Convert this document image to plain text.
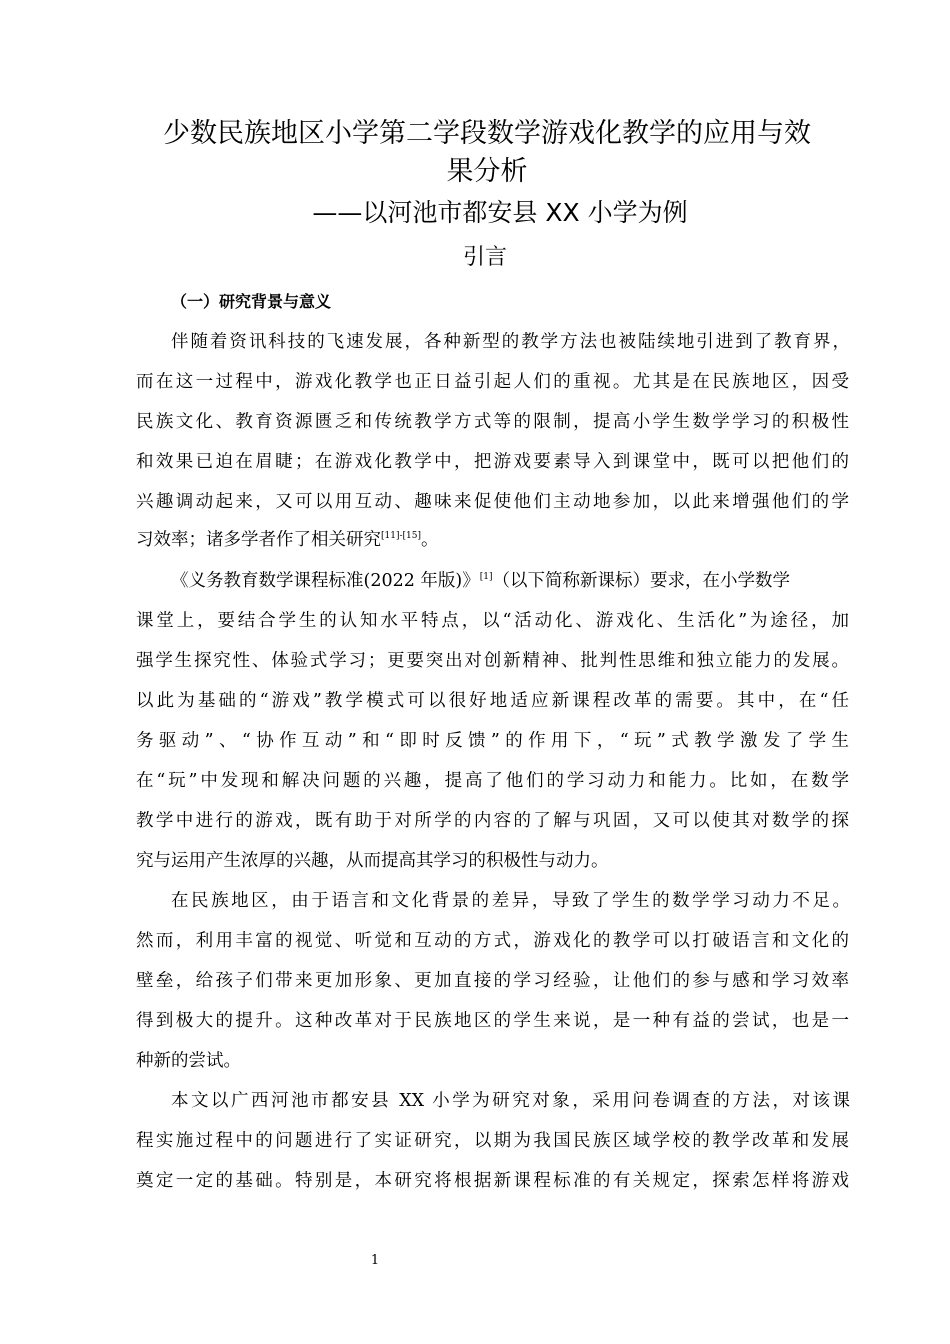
少数民族地区小学第二学段数学游戏化教学的应用与效
果分析
——以河池市都安县 XX 小学为例
引言
（一）研究背景与意义
伴随着资讯科技的飞速发展，各种新型的教学方法也被陆续地引进到了教育界，
而在这一过程中，游戏化教学也正日益引起人们的重视。尤其是在民族地区，因受
民族文化、教育资源匮乏和传统教学方式等的限制，提高小学生数学学习的积极性
和效果已迫在眉睫；在游戏化教学中，把游戏要素导入到课堂中，既可以把他们的
兴趣调动起来，又可以用互动、趣味来促使他们主动地参加，以此来增强他们的学
习效率；诸多学者作了相关研究[11]-[15]。
《义务教育数学课程标准(2022 年版)》[1]（以下简称新课标）要求，在小学数学
课堂上，要结合学生的认知水平特点，以“活动化、游戏化、生活化”为途径，加
强学生探究性、体验式学习；更要突出对创新精神、批判性思维和独立能力的发展。
以此为基础的“游戏”教学模式可以很好地适应新课程改革的需要。其中，在“任
务驱动”、“协作互动”和“即时反馈”的作用下，“玩”式教学激发了学生
在“玩”中发现和解决问题的兴趣，提高了他们的学习动力和能力。比如，在数学
教学中进行的游戏，既有助于对所学的内容的了解与巩固，又可以使其对数学的探
究与运用产生浓厚的兴趣，从而提高其学习的积极性与动力。
在民族地区，由于语言和文化背景的差异，导致了学生的数学学习动力不足。
然而，利用丰富的视觉、听觉和互动的方式，游戏化的教学可以打破语言和文化的
壁垒，给孩子们带来更加形象、更加直接的学习经验，让他们的参与感和学习效率
得到极大的提升。这种改革对于民族地区的学生来说，是一种有益的尝试，也是一
种新的尝试。
本文以广西河池市都安县 XX 小学为研究对象，采用问卷调查的方法，对该课
程实施过程中的问题进行了实证研究，以期为我国民族区域学校的教学改革和发展
奠定一定的基础。特别是，本研究将根据新课程标准的有关规定，探索怎样将游戏
1
